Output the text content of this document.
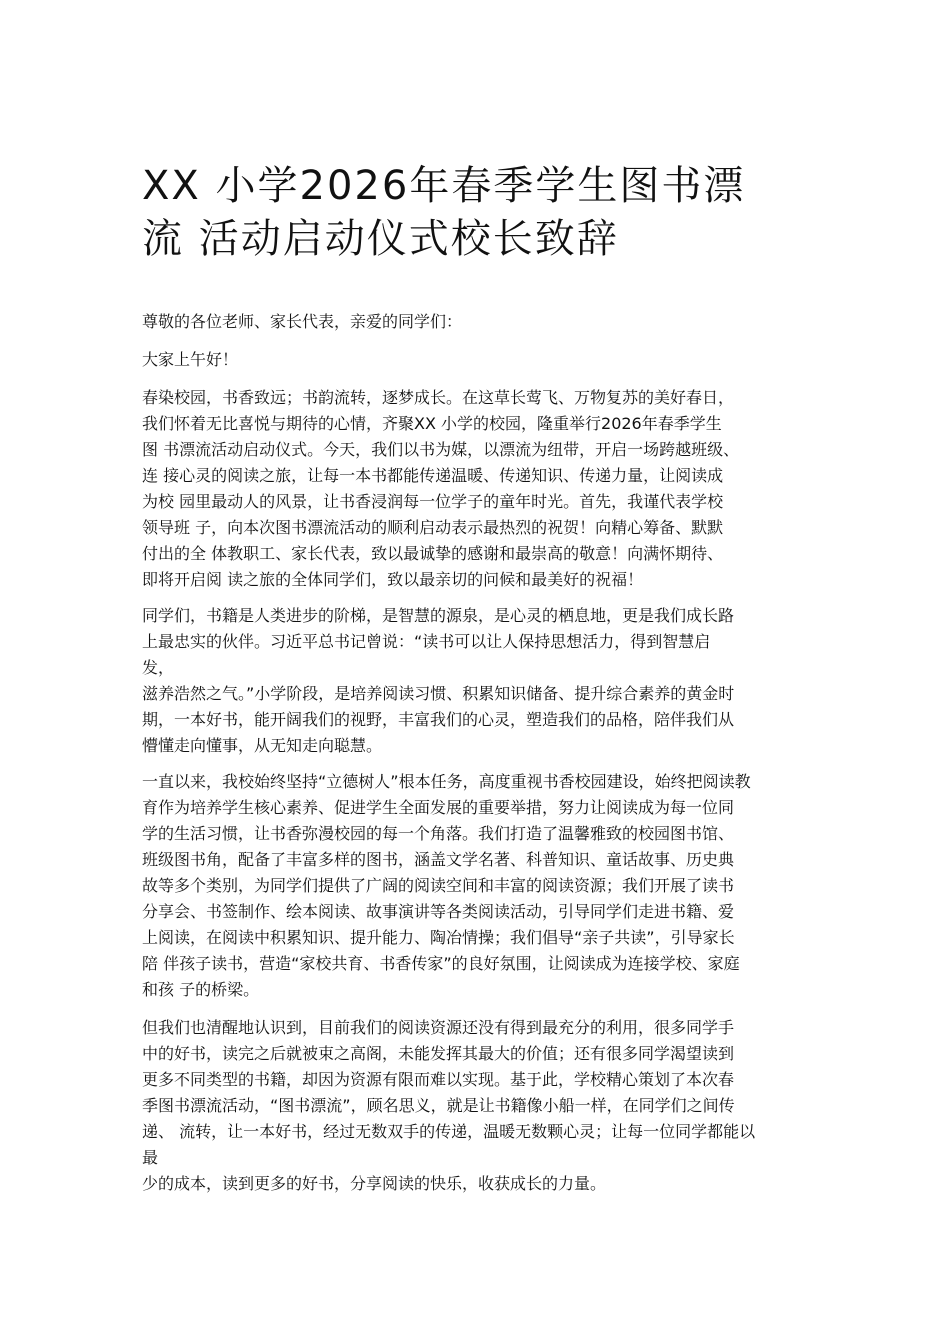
XX 小学2026年春季学生图书漂
流 活动启动仪式校长致辞

尊敬的各位老师、家长代表，亲爱的同学们：

大家上午好！

春染校园，书香致远；书韵流转，逐梦成长。在这草长莺飞、万物复苏的美好春日，
我们怀着无比喜悦与期待的心情，齐聚XX 小学的校园，隆重举行2026年春季学生
图 书漂流活动启动仪式。今天，我们以书为媒，以漂流为纽带，开启一场跨越班级、
连 接心灵的阅读之旅，让每一本书都能传递温暖、传递知识、传递力量，让阅读成
为校 园里最动人的风景，让书香浸润每一位学子的童年时光。首先，我谨代表学校
领导班 子，向本次图书漂流活动的顺利启动表示最热烈的祝贺！向精心筹备、默默
付出的全 体教职工、家长代表，致以最诚挚的感谢和最崇高的敬意！向满怀期待、
即将开启阅 读之旅的全体同学们，致以最亲切的问候和最美好的祝福！

同学们，书籍是人类进步的阶梯，是智慧的源泉，是心灵的栖息地，更是我们成长路
上最忠实的伙伴。习近平总书记曾说：“读书可以让人保持思想活力，得到智慧启
发，
滋养浩然之气。”小学阶段，是培养阅读习惯、积累知识储备、提升综合素养的黄金时
期，一本好书，能开阔我们的视野，丰富我们的心灵，塑造我们的品格，陪伴我们从
懵懂走向懂事，从无知走向聪慧。

一直以来，我校始终坚持“立德树人”根本任务，高度重视书香校园建设，始终把阅读教
育作为培养学生核心素养、促进学生全面发展的重要举措，努力让阅读成为每一位同
学的生活习惯，让书香弥漫校园的每一个角落。我们打造了温馨雅致的校园图书馆、
班级图书角，配备了丰富多样的图书，涵盖文学名著、科普知识、童话故事、历史典
故等多个类别，为同学们提供了广阔的阅读空间和丰富的阅读资源；我们开展了读书
分享会、书签制作、绘本阅读、故事演讲等各类阅读活动，引导同学们走进书籍、爱
上阅读，在阅读中积累知识、提升能力、陶冶情操；我们倡导“亲子共读”，引导家长
陪 伴孩子读书，营造“家校共育、书香传家”的良好氛围，让阅读成为连接学校、家庭
和孩 子的桥梁。

但我们也清醒地认识到，目前我们的阅读资源还没有得到最充分的利用，很多同学手
中的好书，读完之后就被束之高阁，未能发挥其最大的价值；还有很多同学渴望读到
更多不同类型的书籍，却因为资源有限而难以实现。基于此，学校精心策划了本次春
季图书漂流活动，“图书漂流”，顾名思义，就是让书籍像小船一样，在同学们之间传
递、 流转，让一本好书，经过无数双手的传递，温暖无数颗心灵；让每一位同学都能以
最
少的成本，读到更多的好书，分享阅读的快乐，收获成长的力量。
